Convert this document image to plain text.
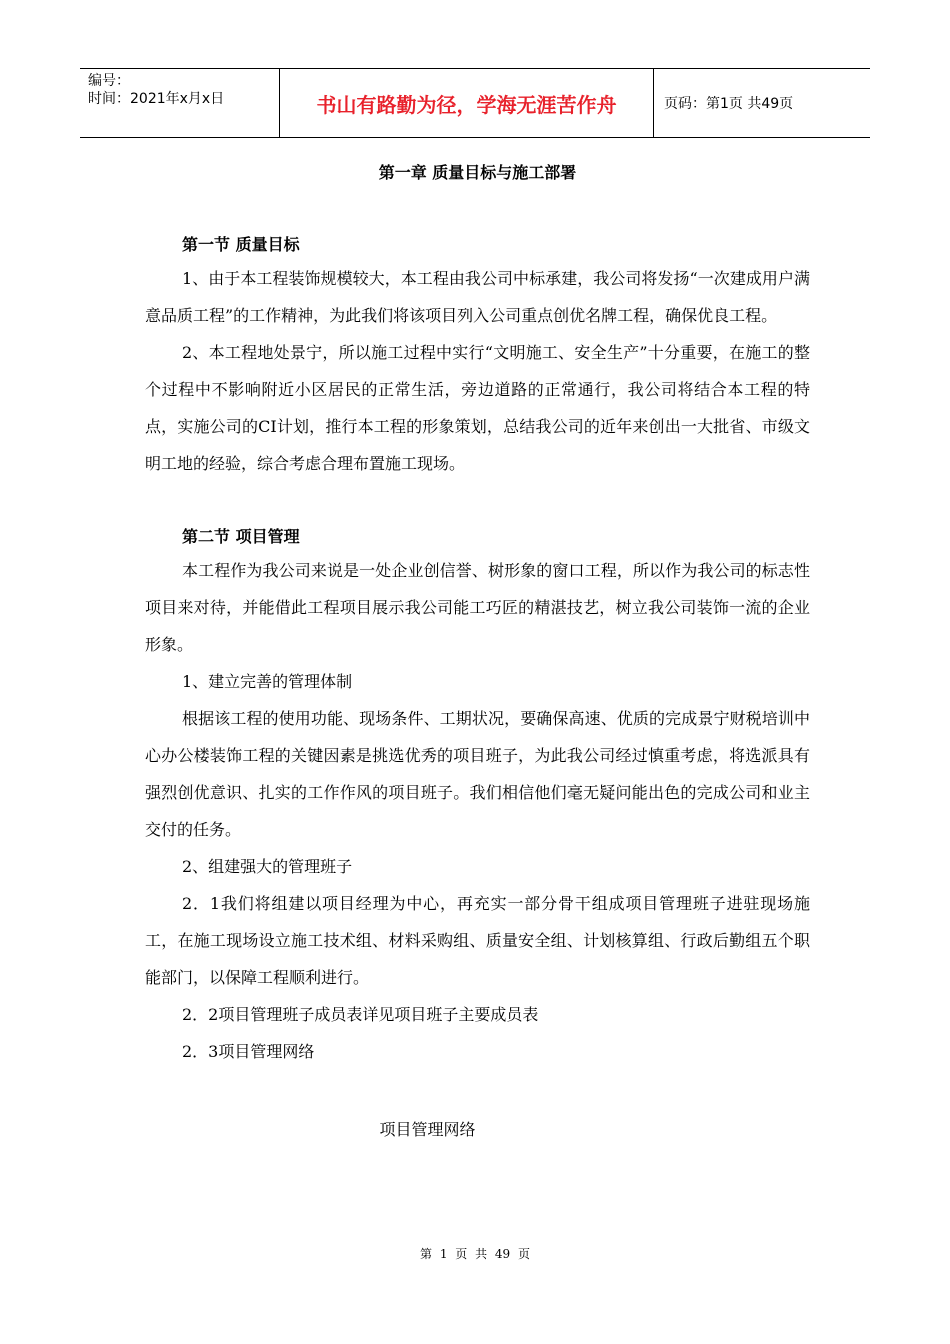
编号：
时间：2021年x月x日	书山有路勤为径，学海无涯苦作舟	页码：第1页 共49页
第一章 质量目标与施工部署
第一节 质量目标

1、由于本工程装饰规模较大，本工程由我公司中标承建，我公司将发扬“一次建成用户满意品质工程”的工作精神，为此我们将该项目列入公司重点创优名牌工程，确保优良工程。

2、本工程地处景宁，所以施工过程中实行“文明施工、安全生产”十分重要，在施工的整个过程中不影响附近小区居民的正常生活，旁边道路的正常通行，我公司将结合本工程的特点，实施公司的CI计划，推行本工程的形象策划，总结我公司的近年来创出一大批省、市级文明工地的经验，综合考虑合理布置施工现场。

第二节 项目管理

本工程作为我公司来说是一处企业创信誉、树形象的窗口工程，所以作为我公司的标志性项目来对待，并能借此工程项目展示我公司能工巧匠的精湛技艺，树立我公司装饰一流的企业形象。

1、建立完善的管理体制

根据该工程的使用功能、现场条件、工期状况，要确保高速、优质的完成景宁财税培训中心办公楼装饰工程的关键因素是挑选优秀的项目班子，为此我公司经过慎重考虑，将选派具有强烈创优意识、扎实的工作作风的项目班子。我们相信他们毫无疑问能出色的完成公司和业主交付的任务。

2、组建强大的管理班子

2．1我们将组建以项目经理为中心，再充实一部分骨干组成项目管理班子进驻现场施工，在施工现场设立施工技术组、材料采购组、质量安全组、计划核算组、行政后勤组五个职能部门，以保障工程顺利进行。

2．2项目管理班子成员表详见项目班子主要成员表

2．3项目管理网络

项目管理网络
第 1 页 共 49 页
